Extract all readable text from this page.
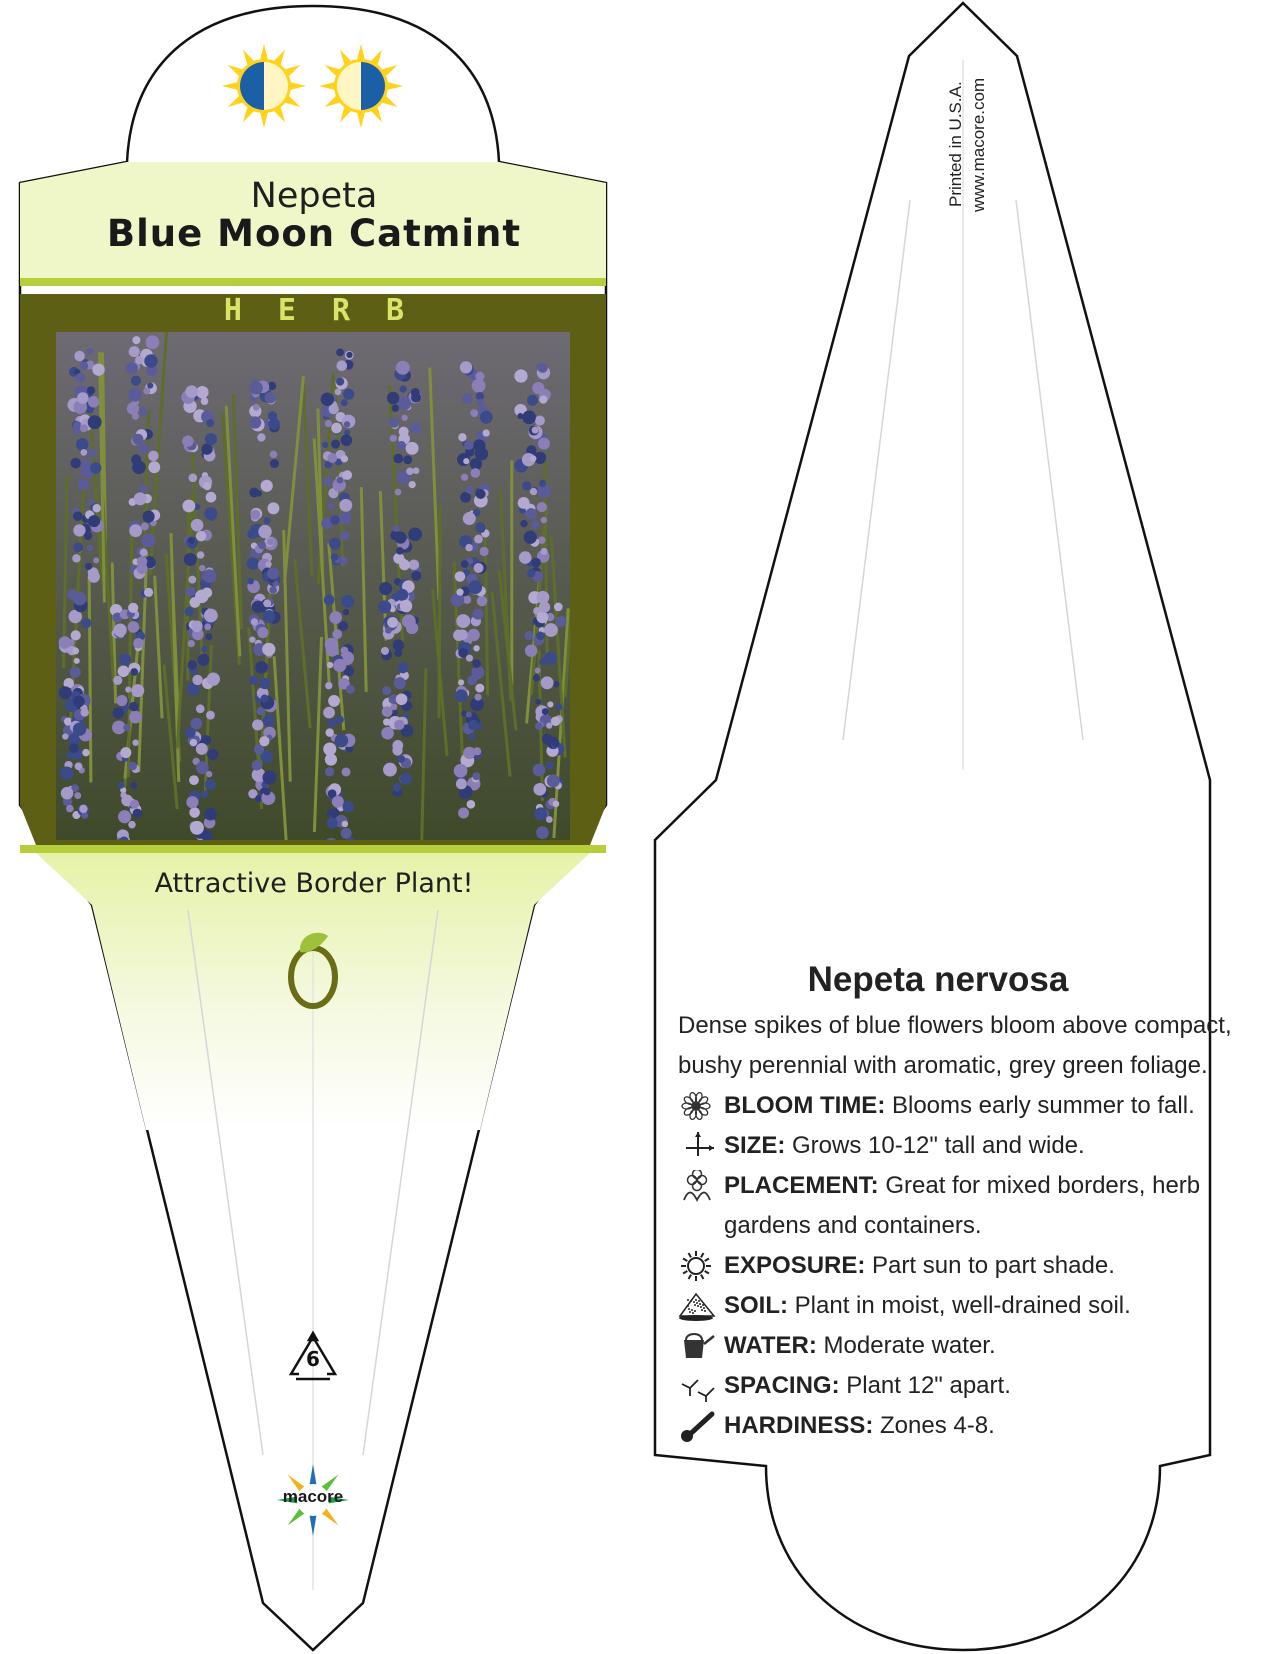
Nepeta
Blue Moon Catmint
HERB
Attractive Border Plant!
6
macore
Printed in U.S.A. www.macore.com
Nepeta nervosa
Dense spikes of blue flowers bloom above compact, bushy perennial with aromatic, grey green foliage.
BLOOM TIME: Blooms early summer to fall.
SIZE: Grows 10-12" tall and wide.
PLACEMENT: Great for mixed borders, herb gardens and containers.
EXPOSURE: Part sun to part shade.
SOIL: Plant in moist, well-drained soil.
WATER: Moderate water.
SPACING: Plant 12" apart.
HARDINESS: Zones 4-8.
